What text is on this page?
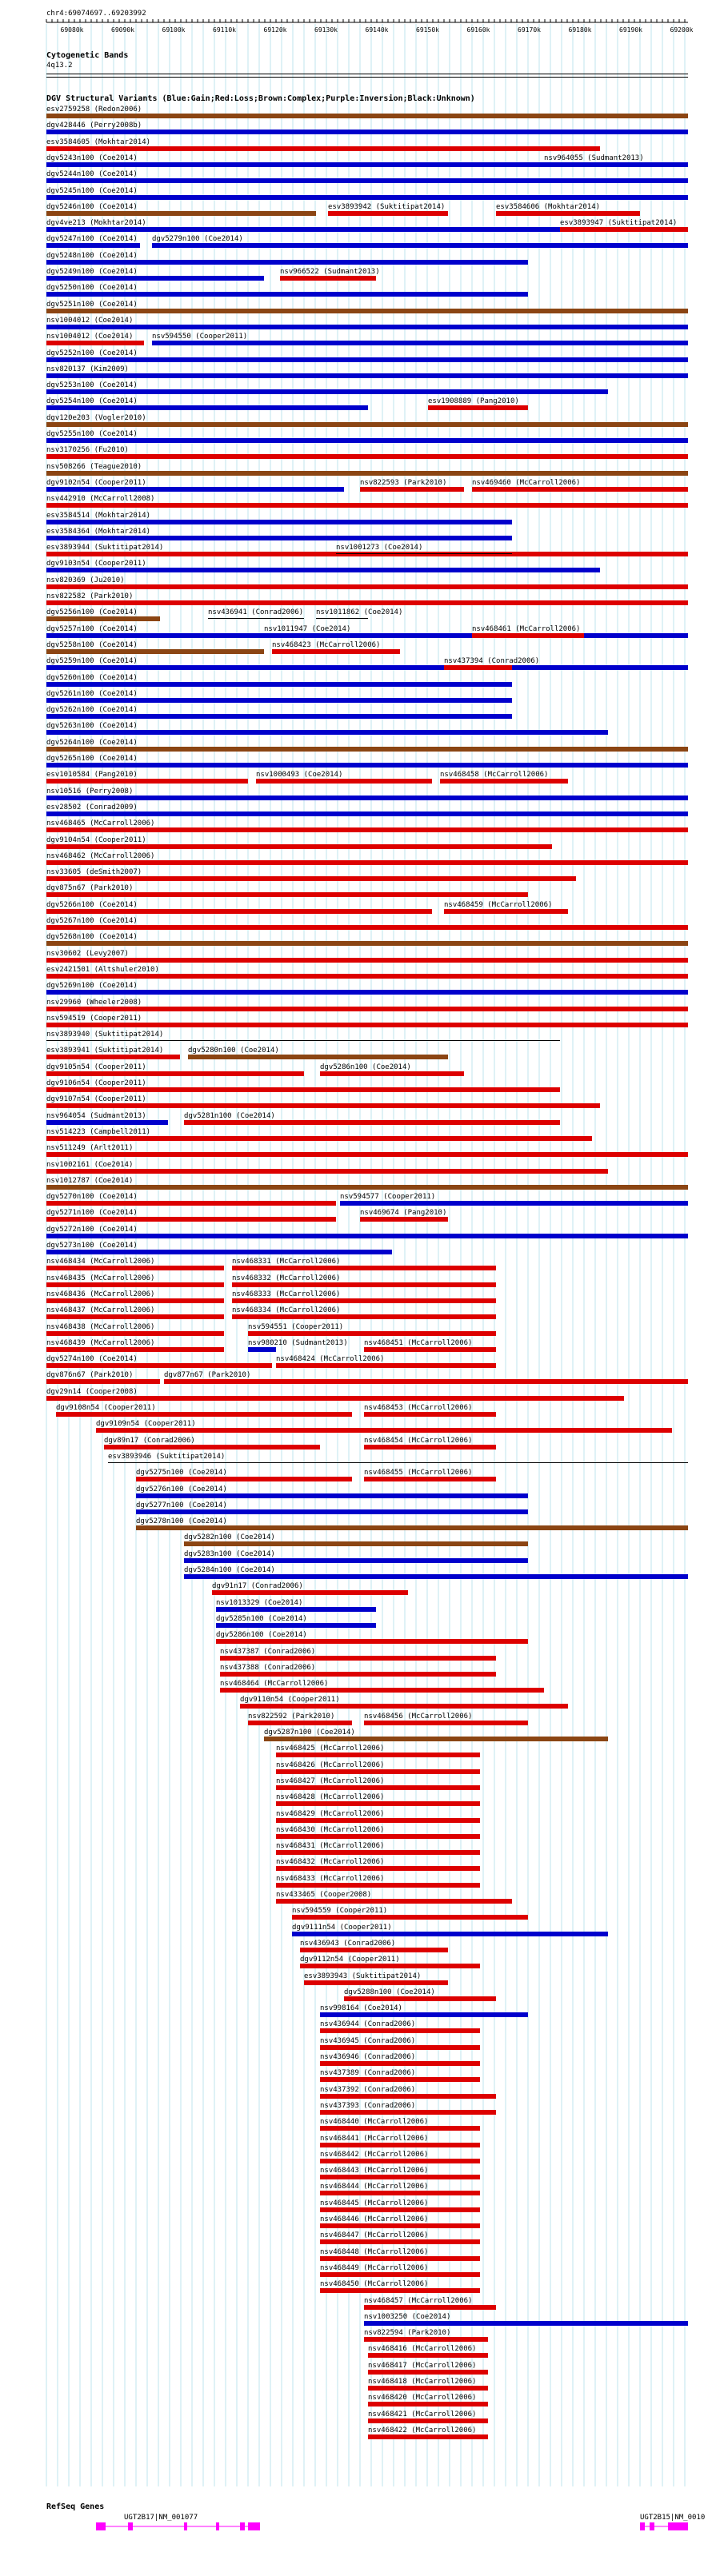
chr4:69074697..69203992
69080k	69090k	69100k	69110k	69120k	69130k	69140k	69150k	69160k	69170k	69180k	69190k	69200k
Cytogenetic Bands
4q13.2
DGV Structural Variants (Blue:Gain;Red:Loss;Brown:Complex;Purple:Inversion;Black:Unknown)
esv2759258 (Redon2006)
dgv428446 (Perry2008b)
esv3584605 (Mokhtar2014)
dgv5243n100 (Coe2014)	nsv964055 (Sudmant2013)
dgv5244n100 (Coe2014)
dgv5245n100 (Coe2014)
dgv5246n100 (Coe2014)	esv3893942 (Suktitipat2014)	esv3584606 (Mokhtar2014)
dgv4ve213 (Mokhtar2014)	esv3893947 (Suktitipat2014)
dgv5247n100 (Coe2014) dgv5279n100 (Coe2014)
dgv5248n100 (Coe2014)
dgv5249n100 (Coe2014)	nsv966522 (Sudmant2013)
dgv5250n100 (Coe2014)
dgv5251n100 (Coe2014)
nsv1004012 (Coe2014)
nsv1004012 (Coe2014)	nsv594550 (Cooper2011)
dgv5252n100 (Coe2014)
nsv820137 (Kim2009)
dgv5253n100 (Coe2014)
dgv5254n100 (Coe2014)	esv1908889 (Pang2010)
dgv120e203 (Vogler2010)
dgv5255n100 (Coe2014)
nsv3170256 (Fu2010)
nsv508266 (Teague2010)
dgv9102n54 (Cooper2011)	nsv822593 (Park2010)	nsv469460 (McCarroll2006)
nsv442910 (McCarroll2008)
esv3584514 (Mokhtar2014)
esv3584364 (Mokhtar2014)
esv3893944 (Suktitipat2014)	nsv1001273 (Coe2014)
dgv9103n54 (Cooper2011)
nsv820369 (Ju2010)
nsv822582 (Park2010)
dgv5256n100 (Coe2014)	nsv436941 (Conrad2006) nsv1011862 (Coe2014)
dgv5257n100 (Coe2014)	nsv1011947 (Coe2014)	nsv468461 (McCarroll2006)
dgv5258n100 (Coe2014)	nsv468423 (McCarroll2006)
dgv5259n100 (Coe2014)	nsv437394 (Conrad2006)
dgv5260n100 (Coe2014)
dgv5261n100 (Coe2014)
dgv5262n100 (Coe2014)
dgv5263n100 (Coe2014)
dgv5264n100 (Coe2014)
dgv5265n100 (Coe2014)
esv1010584 (Pang2010)	nsv1000493 (Coe2014)	nsv468458 (McCarroll2006)
nsv10516 (Perry2008)
esv28502 (Conrad2009)
nsv468465 (McCarroll2006)
dgv9104n54 (Cooper2011)
nsv468462 (McCarroll2006)
nsv33605 (deSmith2007)
dgv875n67 (Park2010)
dgv5266n100 (Coe2014)	nsv468459 (McCarroll2006)
dgv5267n100 (Coe2014)
dgv5268n100 (Coe2014)
nsv30602 (Levy2007)
esv2421501 (Altshuler2010)
dgv5269n100 (Coe2014)
nsv29960 (Wheeler2008)
nsv594519 (Cooper2011)
nsv3893940 (Suktitipat2014)
esv3893941 (Suktitipat2014)	dgv5280n100 (Coe2014)
dgv9105n54 (Cooper2011)	dgv5286n100 (Coe2014)
dgv9106n54 (Cooper2011)
dgv9107n54 (Cooper2011)
nsv964054 (Sudmant2013)	dgv5281n100 (Coe2014)
nsv514223 (Campbell2011)
nsv511249 (Arlt2011)
nsv1002161 (Coe2014)
nsv1012787 (Coe2014)
dgv5270n100 (Coe2014)	nsv594577 (Cooper2011)
dgv5271n100 (Coe2014)	nsv469674 (Pang2010)
dgv5272n100 (Coe2014)
dgv5273n100 (Coe2014)
nsv468434 (McCarroll2006)	nsv468331 (McCarroll2006)
nsv468435 (McCarroll2006)	nsv468332 (McCarroll2006)
nsv468436 (McCarroll2006)	nsv468333 (McCarroll2006)
nsv468437 (McCarroll2006)	nsv468334 (McCarroll2006)
nsv468438 (McCarroll2006)	nsv594551 (Cooper2011)
nsv468439 (McCarroll2006)	nsv980210 (Sudmant2013) nsv468451 (McCarroll2006)
dgv5274n100 (Coe2014)	nsv468424 (McCarroll2006)
dgv876n67 (Park2010)	dgv877n67 (Park2010)
dgv29n14 (Cooper2008)
dgv9108n54 (Cooper2011)	nsv468453 (McCarroll2006)
dgv9109n54 (Cooper2011)
dgv89n17 (Conrad2006)	nsv468454 (McCarroll2006)
esv3893946 (Suktitipat2014)
dgv5275n100 (Coe2014)	nsv468455 (McCarroll2006)
dgv5276n100 (Coe2014)
dgv5277n100 (Coe2014)
dgv5278n100 (Coe2014)
dgv5282n100 (Coe2014)
dgv5283n100 (Coe2014)
dgv5284n100 (Coe2014)
dgv91n17 (Conrad2006)
nsv1013329 (Coe2014)
dgv5285n100 (Coe2014)
dgv5286n100 (Coe2014)
nsv437387 (Conrad2006)
nsv437388 (Conrad2006)
nsv468464 (McCarroll2006)
dgv9110n54 (Cooper2011)
nsv822592 (Park2010)	nsv468456 (McCarroll2006)
dgv5287n100 (Coe2014)
nsv468425 (McCarroll2006)
nsv468426 (McCarroll2006)
nsv468427 (McCarroll2006)
nsv468428 (McCarroll2006)
nsv468429 (McCarroll2006)
nsv468430 (McCarroll2006)
nsv468431 (McCarroll2006)
nsv468432 (McCarroll2006)
nsv468433 (McCarroll2006)
nsv433465 (Cooper2008)
nsv594559 (Cooper2011)
dgv9111n54 (Cooper2011)
nsv436943 (Conrad2006)
dgv9112n54 (Cooper2011)
esv3893943 (Suktitipat2014)
dgv5288n100 (Coe2014)
nsv998164 (Coe2014)
nsv436944 (Conrad2006)
nsv436945 (Conrad2006)
nsv436946 (Conrad2006)
nsv437389 (Conrad2006)
nsv437392 (Conrad2006)
nsv437393 (Conrad2006)
nsv468440 (McCarroll2006)
nsv468441 (McCarroll2006)
nsv468442 (McCarroll2006)
nsv468443 (McCarroll2006)
nsv468444 (McCarroll2006)
nsv468445 (McCarroll2006)
nsv468446 (McCarroll2006)
nsv468447 (McCarroll2006)
nsv468448 (McCarroll2006)
nsv468449 (McCarroll2006)
nsv468450 (McCarroll2006)
nsv468457 (McCarroll2006)
nsv1003250 (Coe2014)
nsv822594 (Park2010)
nsv468416 (McCarroll2006)
nsv468417 (McCarroll2006)
nsv468418 (McCarroll2006)
nsv468420 (McCarroll2006)
nsv468421 (McCarroll2006)
nsv468422 (McCarroll2006)
RefSeq Genes
UGT2B17|NM_001077	UGT2B15|NM_0010
